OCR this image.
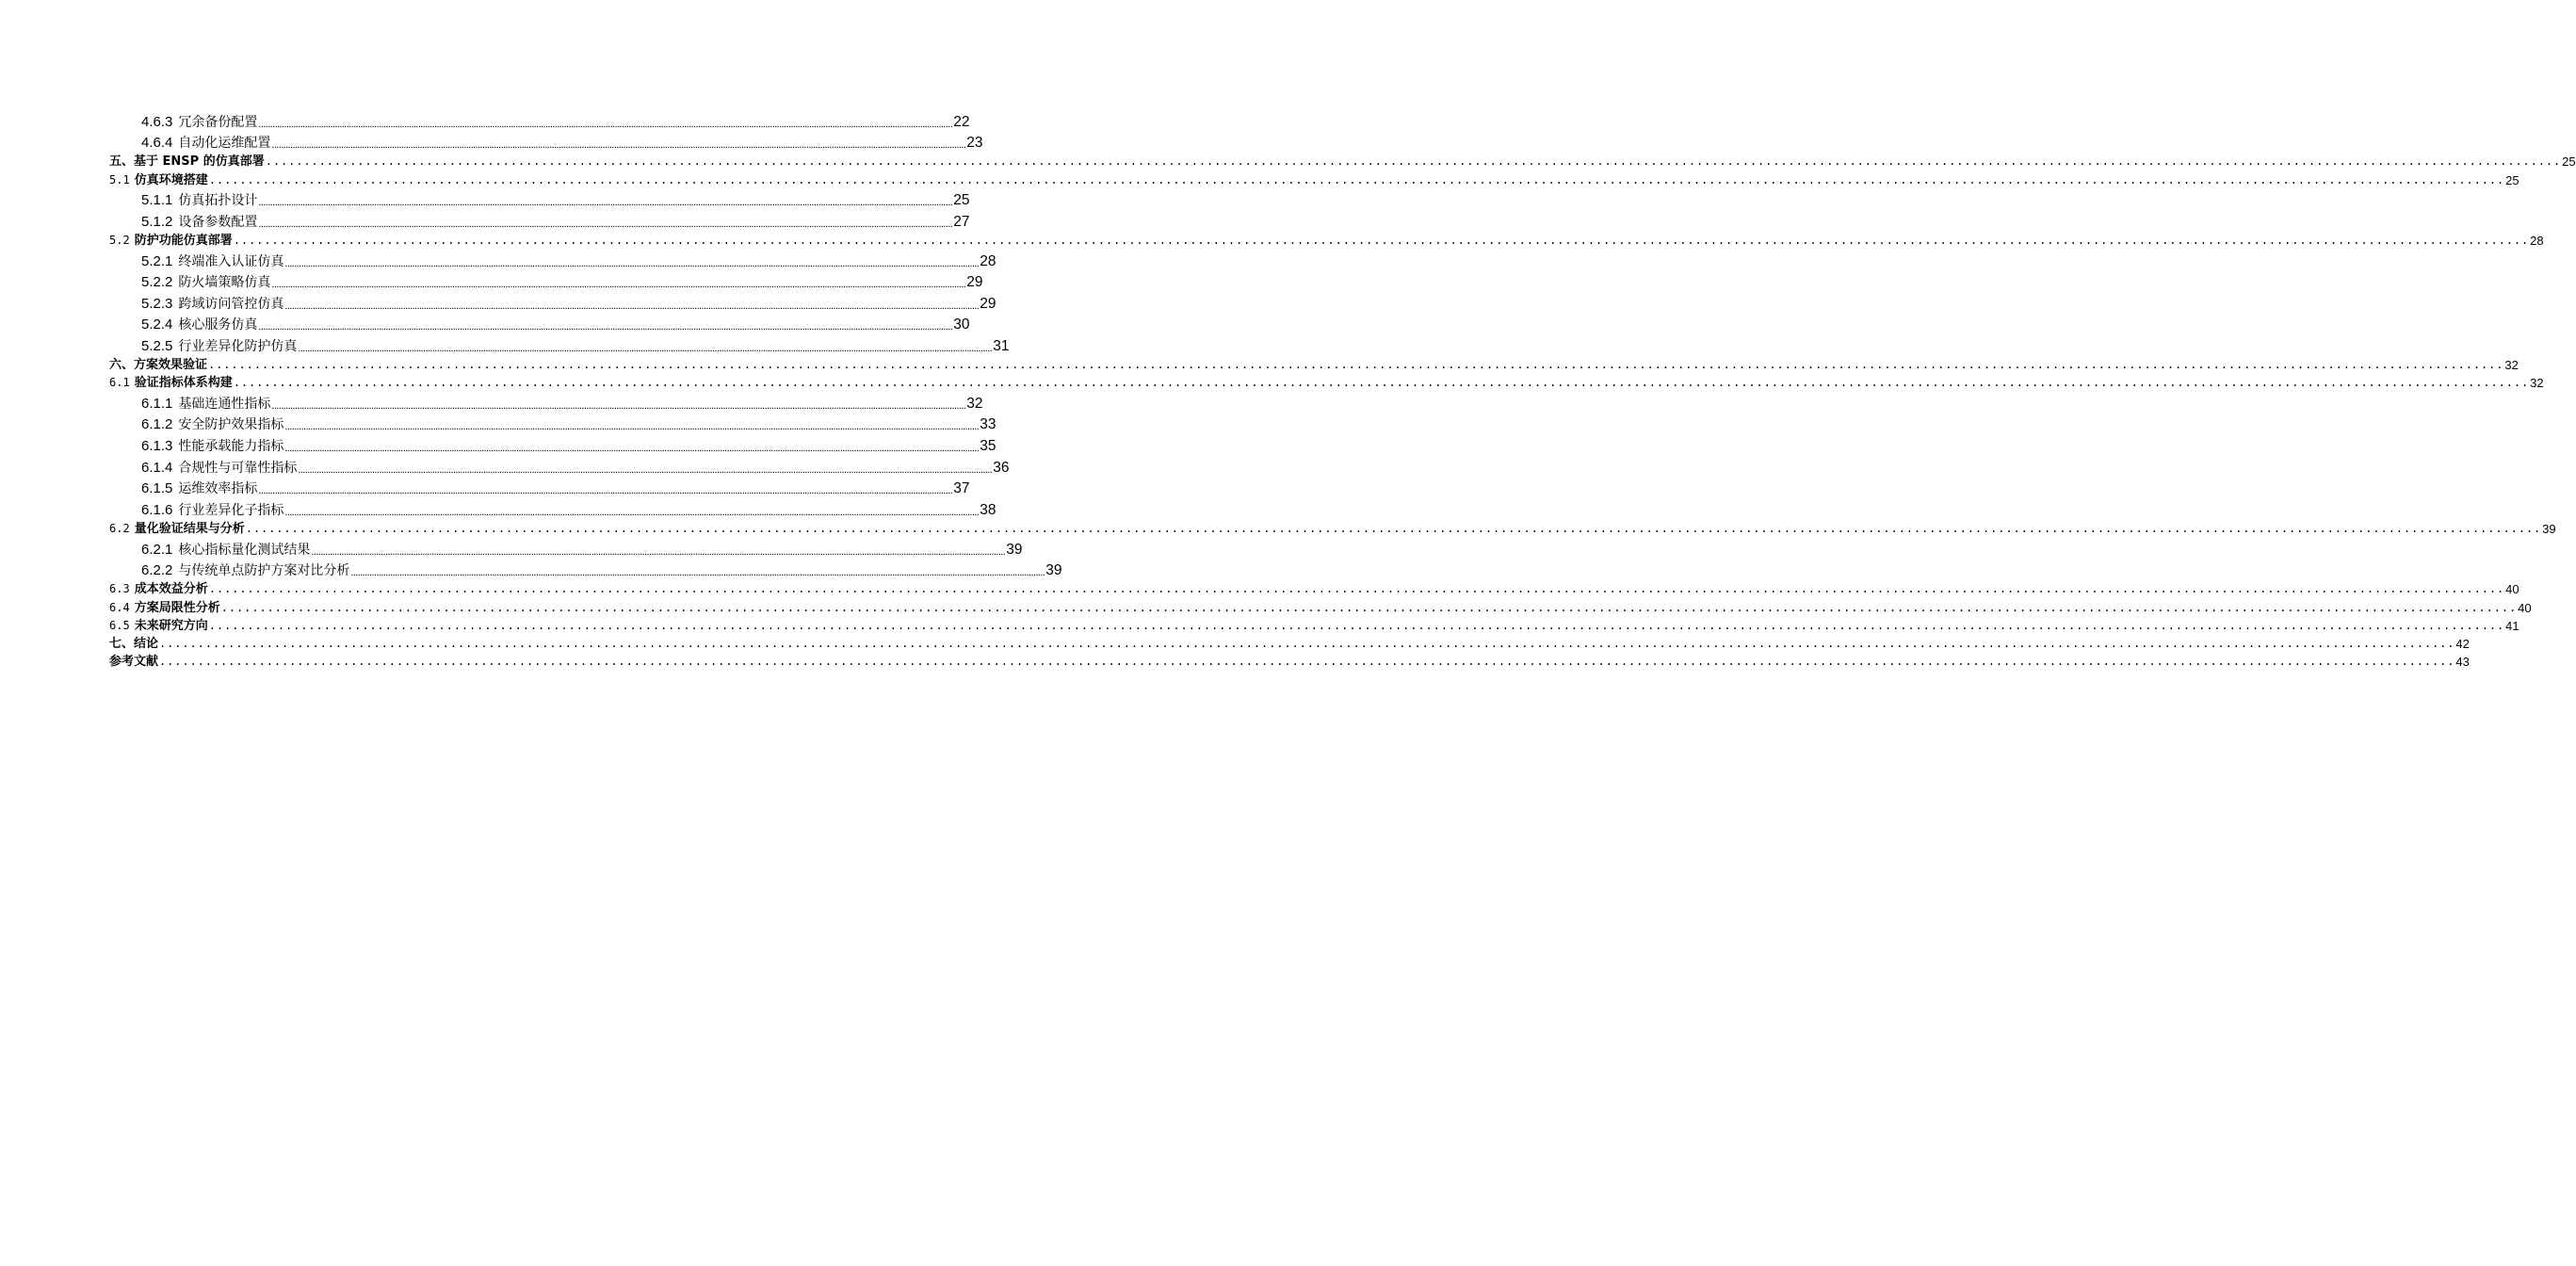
4.6.3 冗余备份配置 ............................................................................................................................................................................................................................................................................................................ 22
4.6.4 自动化运维配置 ............................................................................................................................................................................................................................................................................................................ 23
五、基于 ENSP 的仿真部署 ............................................................................................................................................................................................................................................................................................................ 25
5.1 仿真环境搭建 ............................................................................................................................................................................................................................................................................................................ 25
5.1.1 仿真拓扑设计 ............................................................................................................................................................................................................................................................................................................ 25
5.1.2 设备参数配置 ............................................................................................................................................................................................................................................................................................................ 27
5.2 防护功能仿真部署 ............................................................................................................................................................................................................................................................................................................ 28
5.2.1 终端准入认证仿真 ............................................................................................................................................................................................................................................................................................................ 28
5.2.2 防火墙策略仿真 ............................................................................................................................................................................................................................................................................................................ 29
5.2.3 跨域访问管控仿真 ............................................................................................................................................................................................................................................................................................................ 29
5.2.4 核心服务仿真 ............................................................................................................................................................................................................................................................................................................ 30
5.2.5 行业差异化防护仿真 ............................................................................................................................................................................................................................................................................................................ 31
六、方案效果验证 ............................................................................................................................................................................................................................................................................................................ 32
6.1 验证指标体系构建 ............................................................................................................................................................................................................................................................................................................ 32
6.1.1 基础连通性指标 ............................................................................................................................................................................................................................................................................................................ 32
6.1.2 安全防护效果指标 ............................................................................................................................................................................................................................................................................................................ 33
6.1.3 性能承载能力指标 ............................................................................................................................................................................................................................................................................................................ 35
6.1.4 合规性与可靠性指标 ............................................................................................................................................................................................................................................................................................................ 36
6.1.5 运维效率指标 ............................................................................................................................................................................................................................................................................................................ 37
6.1.6 行业差异化子指标 ............................................................................................................................................................................................................................................................................................................ 38
6.2 量化验证结果与分析 ............................................................................................................................................................................................................................................................................................................ 39
6.2.1 核心指标量化测试结果 ............................................................................................................................................................................................................................................................................................................ 39
6.2.2 与传统单点防护方案对比分析 ............................................................................................................................................................................................................................................................................................................ 39
6.3 成本效益分析 ............................................................................................................................................................................................................................................................................................................ 40
6.4 方案局限性分析 ............................................................................................................................................................................................................................................................................................................ 40
6.5 未来研究方向 ............................................................................................................................................................................................................................................................................................................ 41
七、结论 ............................................................................................................................................................................................................................................................................................................ 42
参考文献 ............................................................................................................................................................................................................................................................................................................ 43
